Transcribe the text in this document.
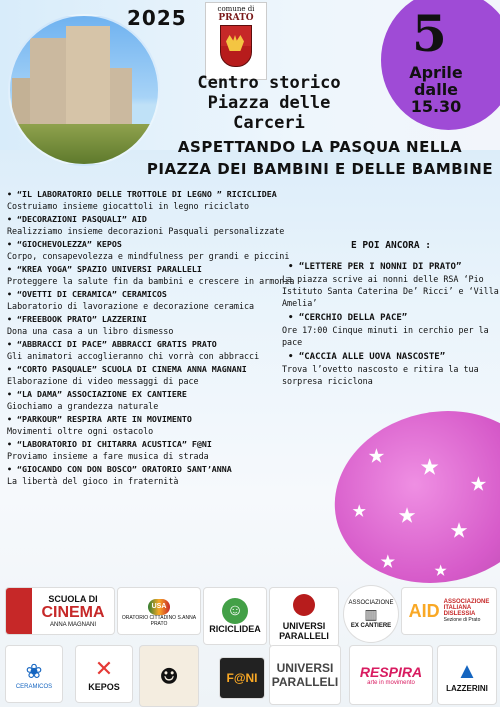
2025	comune di
PRATO	5
Aprile
dalle
15.30
Centro storico
Piazza delle
Carceri
ASPETTANDO LA PASQUA NELLA
PIAZZA DEI BAMBINI E DELLE BAMBINE
• “IL LABORATORIO DELLE TROTTOLE DI LEGNO ” RICICLIDEA
Costruiamo insieme giocattoli in legno riciclato
• “DECORAZIONI PASQUALI” AID
Realizziamo insieme decorazioni Pasquali personalizzate
• “GIOCHEVOLEZZA” KEPOS
Corpo, consapevolezza e mindfulness per grandi e piccini
• “KREA YOGA” SPAZIO UNIVERSI PARALLELI
Proteggere la salute fin da bambini e crescere in armonia
• “OVETTI DI CERAMICA” CERAMICOS
Laboratorio di lavorazione e decorazione ceramica
• “FREEBOOK PRATO” LAZZERINI
Dona una casa a un libro dismesso
• “ABBRACCI DI PACE” ABBRACCI GRATIS PRATO
Gli animatori accoglieranno chi vorrà con abbracci
• “CORTO PASQUALE” SCUOLA DI CINEMA ANNA MAGNANI
Elaborazione di video messaggi di pace
• “LA DAMA” ASSOCIAZIONE EX CANTIERE
Giochiamo a grandezza naturale
• “PARKOUR” RESPIRA ARTE IN MOVIMENTO
Movimenti oltre ogni ostacolo
• “LABORATORIO DI CHITARRA ACUSTICA” F@NI
Proviamo insieme a fare musica di strada
• “GIOCANDO CON DON BOSCO” ORATORIO SANT’ANNA
La libertà del gioco in fraternità
E POI ANCORA :
• “LETTERE PER I NONNI DI PRATO”
La piazza scrive ai nonni delle RSA ‘Pio Istituto Santa Caterina De’ Ricci’ e ‘Villa Amelia’
• “CERCHIO DELLA PACE”
Ore 17:00 Cinque minuti in cerchio per la pace
• “CACCIA ALLE UOVA NASCOSTE”
Trova l’ovetto nascosto e ritira la tua sorpresa riciclona
★ ★ ★
★ ★ ★
★ ★
SCUOLA DI
CINEMA
ANNA MAGNANI
USA
ORATORIO CITTADINO S.ANNA
PRATO
☺
RICICLIDEA	UNIVERSI
PARALLELI
ASSOCIAZIONE
▥
EX CANTIERE
AID ASSOCIAZIONE
ITALIANA
DISLESSIA
Sezione di Prato
❀
CERAMICOS
✕
KEPOS ☻	F@NI
UNIVERSI
PARALLELI
RESPIRA
arte in movimento
▲
LAZZERINI
